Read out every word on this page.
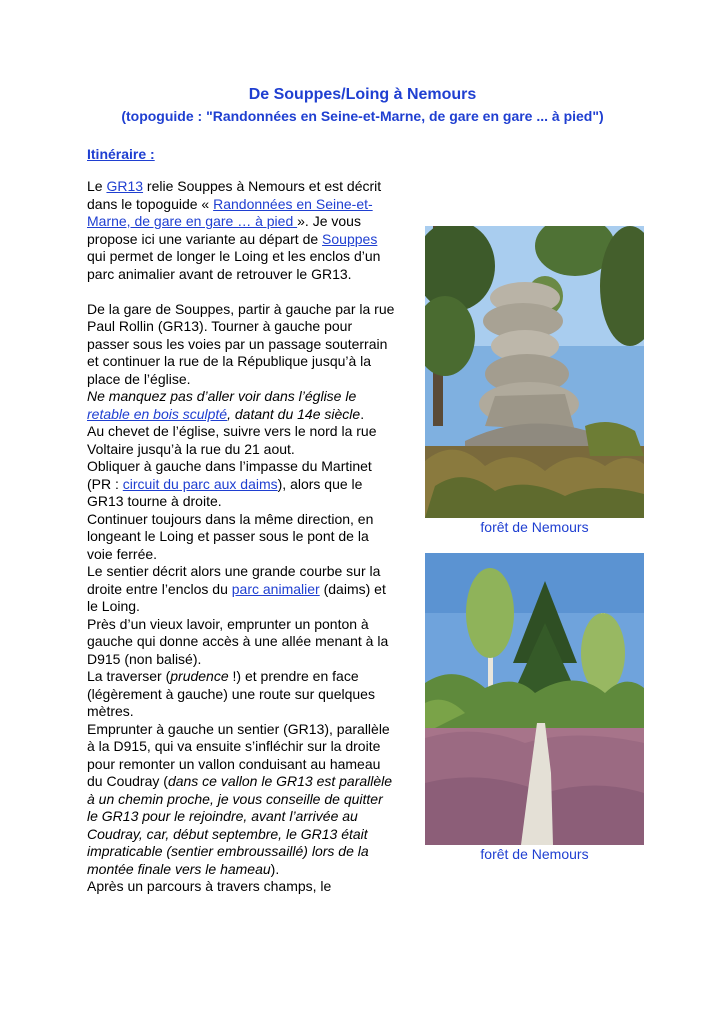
De Souppes/Loing à Nemours
(topoguide : "Randonnées en Seine-et-Marne, de gare en gare ... à pied")
Itinéraire :

Le GR13 relie Souppes à Nemours et est décrit dans le topoguide « Randonnées en Seine-et-Marne, de gare en gare … à pied ». Je vous propose ici une variante au départ de Souppes qui permet de longer le Loing et les enclos d’un parc animalier avant de retrouver le GR13.

De la gare de Souppes, partir à gauche par la rue Paul Rollin (GR13). Tourner à gauche pour passer sous les voies par un passage souterrain et continuer la rue de la République jusqu’à la place de l’église.

Ne manquez pas d’aller voir dans l’église le retable en bois sculpté, datant du 14e siècle.

Au chevet de l’église, suivre vers le nord la rue Voltaire jusqu’à la rue du 21 aout.

Obliquer à gauche dans l’impasse du Martinet (PR : circuit du parc aux daims), alors que le GR13 tourne à droite.

Continuer toujours dans la même direction, en longeant le Loing et passer sous le pont de la voie ferrée.

Le sentier décrit alors une grande courbe sur la droite entre l’enclos du parc animalier (daims) et le Loing.

Près d’un vieux lavoir, emprunter un ponton à gauche qui donne accès à une allée menant à la D915 (non balisé).

La traverser (prudence !) et prendre en face (légèrement à gauche) une route sur quelques mètres.

Emprunter à gauche un sentier (GR13), parallèle à la D915, qui va ensuite s’infléchir sur la droite pour remonter un vallon conduisant au hameau du Coudray (dans ce vallon le GR13 est parallèle à un chemin proche, je vous conseille de quitter le GR13 pour le rejoindre, avant l’arrivée au Coudray, car, début septembre, le GR13 était impraticable (sentier embroussaillé) lors de la montée finale vers le hameau).

Après un parcours à travers champs, le

forêt de Nemours
forêt de Nemours
